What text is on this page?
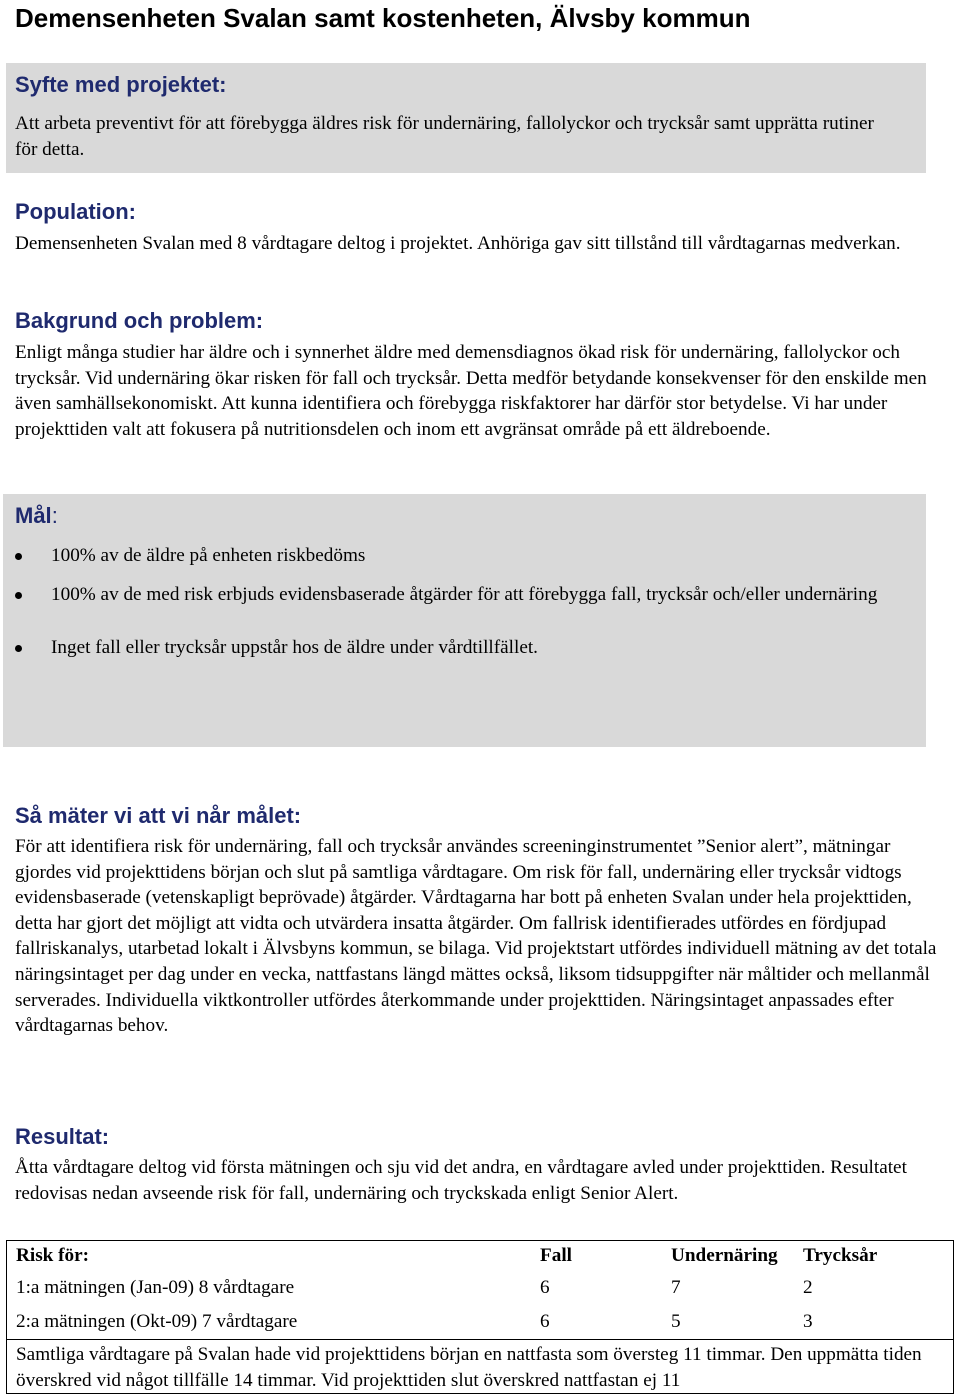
Demensenheten Svalan samt kostenheten, Älvsby kommun
Syfte med projektet:
Att arbeta preventivt för att förebygga äldres risk för undernäring, fallolyckor och trycksår samt upprätta rutiner för detta.
Population:
Demensenheten Svalan med 8 vårdtagare deltog i projektet. Anhöriga gav sitt tillstånd till vårdtagarnas medverkan.
Bakgrund och problem:
Enligt många studier har äldre och i synnerhet äldre med demensdiagnos ökad risk för undernäring, fallolyckor och trycksår. Vid undernäring ökar risken för fall och trycksår. Detta medför betydande konsekvenser för den enskilde men även samhällsekonomiskt. Att kunna identifiera och förebygga riskfaktorer har därför stor betydelse. Vi har under projekttiden valt att fokusera på nutritionsdelen och inom ett avgränsat område på ett äldreboende.
Mål:
100% av de äldre på enheten riskbedöms
100% av de med risk erbjuds evidensbaserade åtgärder för att förebygga fall, trycksår och/eller undernäring
Inget fall eller trycksår uppstår hos de äldre under vårdtillfället.
Så mäter vi att vi når målet:
För att identifiera risk för undernäring, fall och trycksår användes screeninginstrumentet ”Senior alert”, mätningar gjordes vid projekttidens början och slut på samtliga vårdtagare. Om risk för fall, undernäring eller trycksår vidtogs evidensbaserade (vetenskapligt beprövade) åtgärder. Vårdtagarna har bott på enheten Svalan under hela projekttiden, detta har gjort det möjligt att vidta och utvärdera insatta åtgärder. Om fallrisk identifierades utfördes en fördjupad fallriskanalys, utarbetad lokalt i Älvsbyns kommun, se bilaga. Vid projektstart utfördes individuell mätning av det totala näringsintaget per dag under en vecka, nattfastans längd mättes också, liksom tidsuppgifter när måltider och mellanmål serverades. Individuella viktkontroller utfördes återkommande under projekttiden. Näringsintaget anpassades efter vårdtagarnas behov.
Resultat:
Åtta vårdtagare deltog vid första mätningen och sju vid det andra, en vårdtagare avled under projekttiden. Resultatet redovisas nedan avseende risk för fall, undernäring och tryckskada enligt Senior Alert.
Risk för:	Fall	Undernäring	Trycksår
1:a mätningen (Jan-09) 8 vårdtagare	6	7	2
2:a mätningen (Okt-09) 7 vårdtagare	6	5	3
Samtliga vårdtagare på Svalan hade vid projekttidens början en nattfasta som översteg 11 timmar. Den uppmätta tiden överskred vid något tillfälle 14 timmar. Vid projekttiden slut överskred nattfastan ej 11			
